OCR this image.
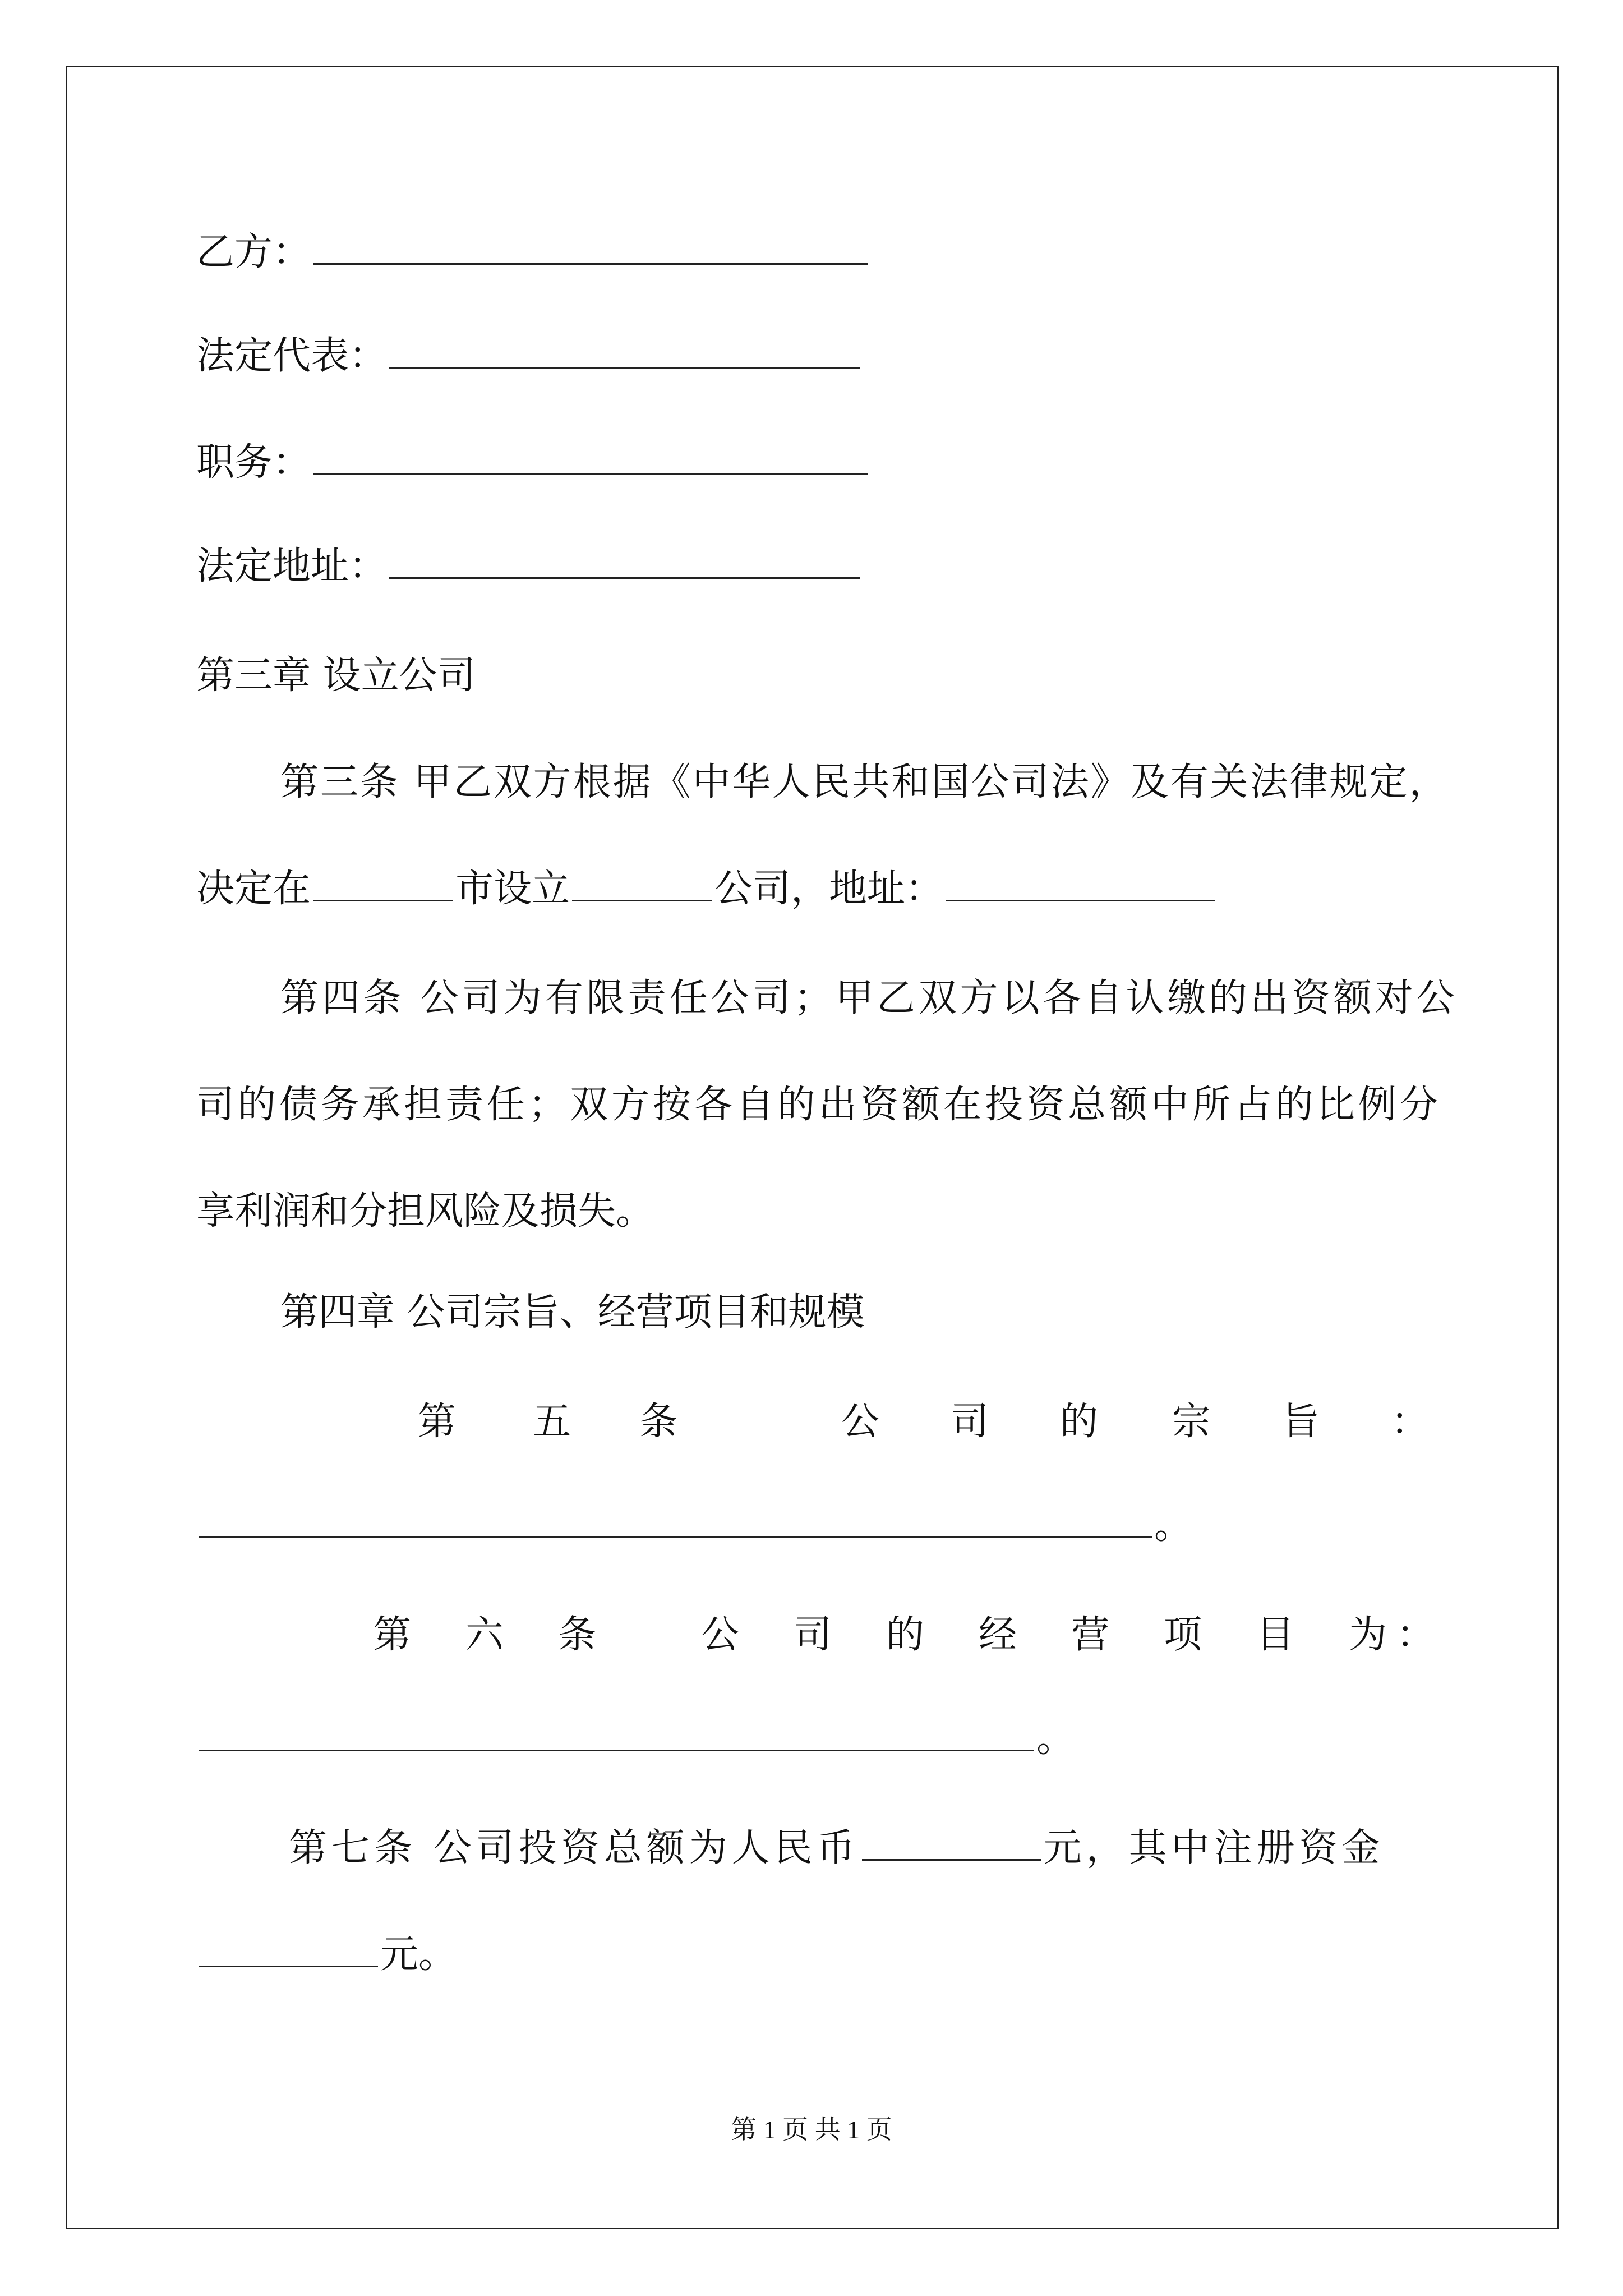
乙方：
法定代表：
职务：
法定地址：
第三章 设立公司
第三条 甲乙双方根据《中华人民共和国公司法》及有关法律规定，
决定在	市设立	公司，地址：
第四条 公司为有限责任公司；甲乙双方以各自认缴的出资额对公
司的债务承担责任；双方按各自的出资额在投资总额中所占的比例分
享利润和分担风险及损失。
第四章 公司宗旨、经营项目和规模
第 五 条	公 司 的 宗 旨 ：
。
第 六 条	公 司 的 经 营 项 目 为 ：
。
第七条 公司投资总额为人民币	元，其中注册资金
元。
第 1 页 共 1 页
